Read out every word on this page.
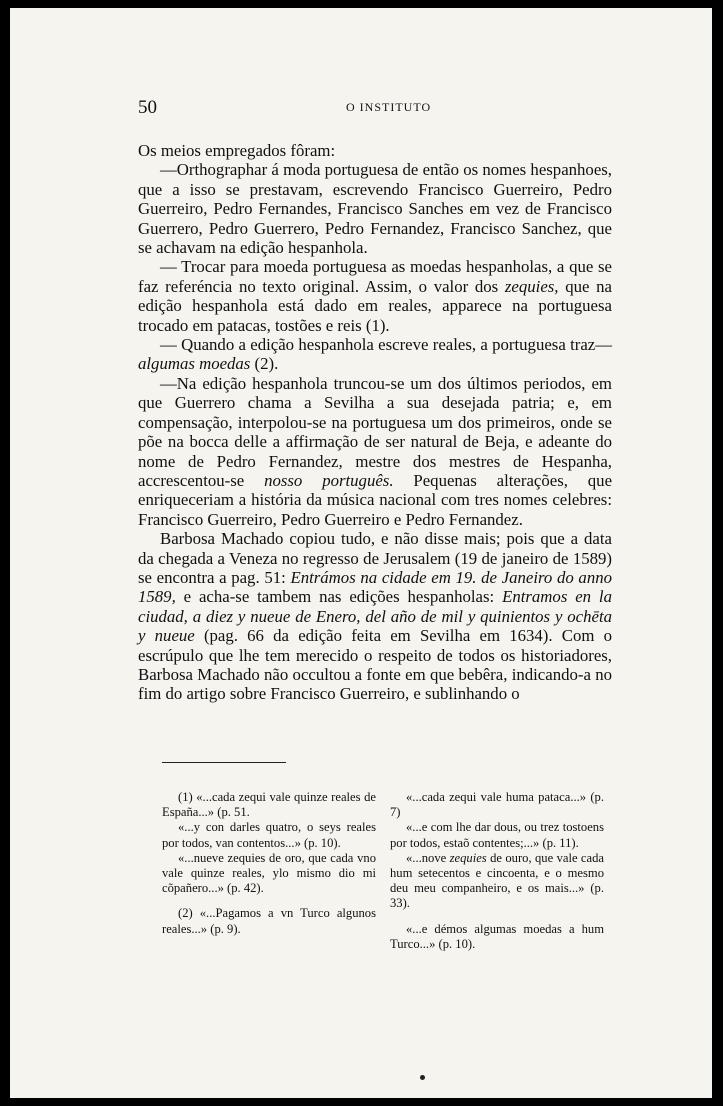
50	O INSTITUTO

Os meios empregados fôram:

—Orthographar á moda portuguesa de então os nomes hespanhoes, que a isso se prestavam, escrevendo Francisco Guerreiro, Pedro Guerreiro, Pedro Fernandes, Francisco Sanches em vez de Francisco Guerrero, Pedro Guerrero, Pedro Fernandez, Francisco Sanchez, que se achavam na edição hespanhola.

— Trocar para moeda portuguesa as moedas hespanholas, a que se faz referéncia no texto original. Assim, o valor dos zequies, que na edição hespanhola está dado em reales, apparece na portuguesa trocado em patacas, tostões e reis (1).

— Quando a edição hespanhola escreve reales, a portuguesa traz—algumas moedas (2).

—Na edição hespanhola truncou-se um dos últimos periodos, em que Guerrero chama a Sevilha a sua desejada patria; e, em compensação, interpolou-se na portuguesa um dos primeiros, onde se põe na bocca delle a affirmação de ser natural de Beja, e adeante do nome de Pedro Fernandez, mestre dos mestres de Hespanha, accrescentou-se nosso português. Pequenas alterações, que enriqueceriam a história da música nacional com tres nomes celebres: Francisco Guerreiro, Pedro Guerreiro e Pedro Fernandez.

Barbosa Machado copiou tudo, e não disse mais; pois que a data da chegada a Veneza no regresso de Jerusalem (19 de janeiro de 1589) se encontra a pag. 51: Entrámos na cidade em 19. de Janeiro do anno 1589, e acha-se tambem nas edições hespanholas: Entramos en la ciudad, a diez y nueue de Enero, del año de mil y quinientos y ochēta y nueue (pag. 66 da edição feita em Sevilha em 1634). Com o escrúpulo que lhe tem merecido o respeito de todos os historiadores, Barbosa Machado não occultou a fonte em que bebêra, indicando-a no fim do artigo sobre Francisco Guerreiro, e sublinhando o

(1) «...cada zequi vale quinze reales de España...» (p. 51.

«...y con darles quatro, o seys reales por todos, van contentos...» (p. 10).

«...nueve zequies de oro, que cada vno vale quinze reales, ylo mismo dio mi cõpañero...» (p. 42).

(2) «...Pagamos a vn Turco algunos reales...» (p. 9).

«...cada zequi vale huma pataca...» (p. 7)

«...e com lhe dar dous, ou trez tostoens por todos, estaõ contentes;...» (p. 11).

«...nove zequies de ouro, que vale cada hum setecentos e cincoenta, e o mesmo deu meu companheiro, e os mais...» (p. 33).

«...e démos algumas moedas a hum Turco...» (p. 10).
